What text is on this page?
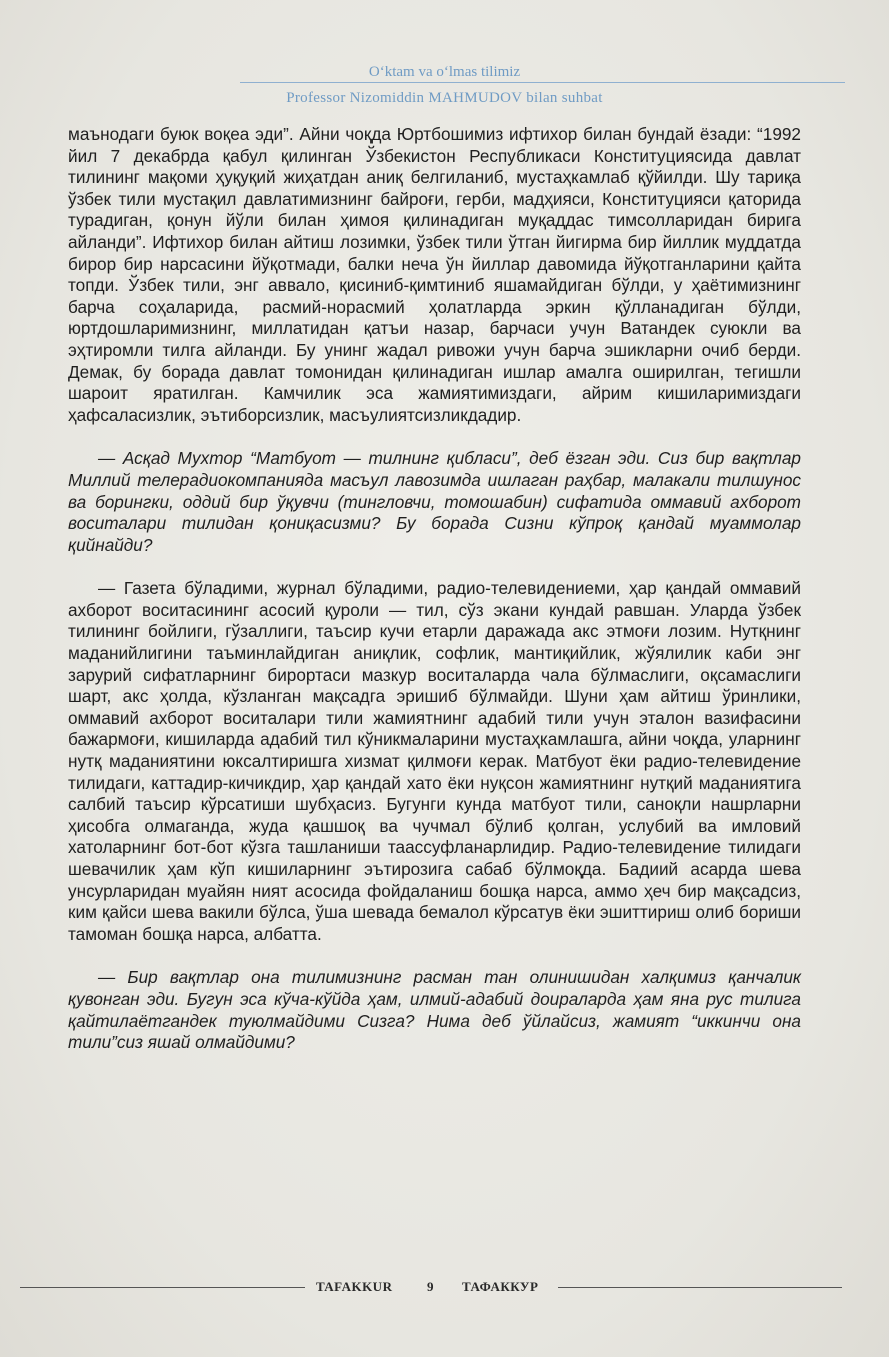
O‘ktam va o‘lmas tilimiz
Professor Nizomiddin MAHMUDOV bilan suhbat

маънодаги буюк воқеа эди”. Айни чоқда Юртбошимиз ифтихор билан бундай ёзади: “1992 йил 7 декабрда қабул қилинган Ўзбекистон Республикаси Конституциясида давлат тилининг мақоми ҳуқуқий жиҳатдан аниқ белгиланиб, мустаҳкамлаб қўйилди. Шу тариқа ўзбек тили мустақил давлатимизнинг байроғи, герби, мадҳияси, Конституцияси қаторида турадиган, қонун йўли билан ҳимоя қилинадиган муқаддас тимсолларидан бирига айланди”. Ифтихор билан айтиш лозимки, ўзбек тили ўтган йигирма бир йиллик муддатда бирор бир нарсасини йўқотмади, балки неча ўн йиллар давомида йўқотганларини қайта топди. Ўзбек тили, энг аввало, қисиниб-қимтиниб яшамайдиган бўлди, у ҳаётимизнинг барча соҳаларида, расмий-норасмий ҳолатларда эркин қўлланадиган бўлди, юртдошларимизнинг, миллатидан қатъи назар, барчаси учун Ватандек суюкли ва эҳтиромли тилга айланди. Бу унинг жадал ривожи учун барча эшикларни очиб берди. Демак, бу борада давлат томонидан қилинадиган ишлар амалга оширилган, тегишли шароит яратилган. Камчилик эса жамиятимиздаги, айрим кишиларимиздаги ҳафсаласизлик, эътиборсизлик, масъулиятсизликдадир.

— Асқад Мухтор “Матбуот — тилнинг қибласи”, деб ёзган эди. Сиз бир вақтлар Миллий телерадиокомпанияда масъул лавозимда ишлаган раҳбар, малакали тилшунос ва борингки, оддий бир ўқувчи (тингловчи, томошабин) сифатида оммавий ахборот воситалари тилидан қониқасизми? Бу борада Сизни кўпроқ қандай муаммолар қийнайди?

— Газета бўладими, журнал бўладими, радио-телевидениеми, ҳар қандай оммавий ахборот воситасининг асосий қуроли — тил, сўз экани кундай равшан. Уларда ўзбек тилининг бойлиги, гўзаллиги, таъсир кучи етарли даражада акс этмоғи лозим. Нутқнинг маданийлигини таъминлайдиган аниқлик, софлик, мантиқийлик, жўялилик каби энг зарурий сифатларнинг бирортаси мазкур воситаларда чала бўлмаслиги, оқсамаслиги шарт, акс ҳолда, кўзланган мақсадга эришиб бўлмайди. Шуни ҳам айтиш ўринлики, оммавий ахборот воситалари тили жамиятнинг адабий тили учун эталон вазифасини бажармоғи, кишиларда адабий тил кўникмаларини мустаҳкамлашга, айни чоқда, уларнинг нутқ маданиятини юксалтиришга хизмат қилмоғи керак. Матбуот ёки радио-телевидение тилидаги, каттадир-кичикдир, ҳар қандай хато ёки нуқсон жамиятнинг нутқий маданиятига салбий таъсир кўрсатиши шубҳасиз. Бугунги кунда матбуот тили, саноқли нашрларни ҳисобга олмаганда, жуда қашшоқ ва чучмал бўлиб қолган, услубий ва имловий хатоларнинг бот-бот кўзга ташланиши таассуфланарлидир. Радио-телевидение тилидаги шевачилик ҳам кўп кишиларнинг эътирозига сабаб бўлмоқда. Бадиий асарда шева унсурларидан муайян ният асосида фойдаланиш бошқа нарса, аммо ҳеч бир мақсадсиз, ким қайси шева вакили бўлса, ўша шевада бемалол кўрсатув ёки эшиттириш олиб бориши тамоман бошқа нарса, албатта.

— Бир вақтлар она тилимизнинг расман тан олинишидан халқимиз қанчалик қувонган эди. Бугун эса кўча-кўйда ҳам, илмий-адабий доираларда ҳам яна рус тилига қайтилаётгандек туюлмайдими Сизга? Нима деб ўйлайсиз, жамият “иккинчи она тили”сиз яшай олмайдими?

TAFAKKUR	9 ТАФАККУР
